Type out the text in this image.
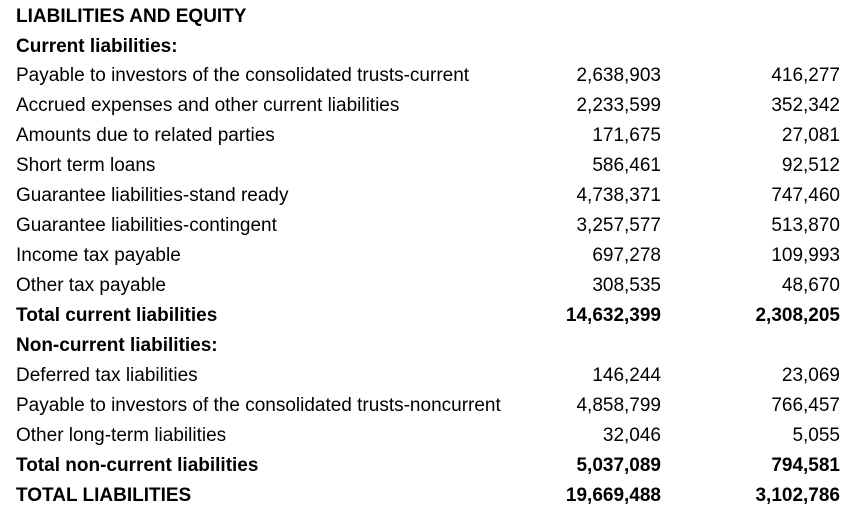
LIABILITIES AND EQUITY
Current liabilities:
Payable to investors of the consolidated trusts-current	2,638,903	416,277
Accrued expenses and other current liabilities	2,233,599	352,342
Amounts due to related parties	171,675	27,081
Short term loans	586,461	92,512
Guarantee liabilities-stand ready	4,738,371	747,460
Guarantee liabilities-contingent	3,257,577	513,870
Income tax payable	697,278	109,993
Other tax payable	308,535	48,670
Total current liabilities	14,632,399	2,308,205
Non-current liabilities:
Deferred tax liabilities	146,244	23,069
Payable to investors of the consolidated trusts-noncurrent	4,858,799	766,457
Other long-term liabilities	32,046	5,055
Total non-current liabilities	5,037,089	794,581
TOTAL LIABILITIES	19,669,488	3,102,786
